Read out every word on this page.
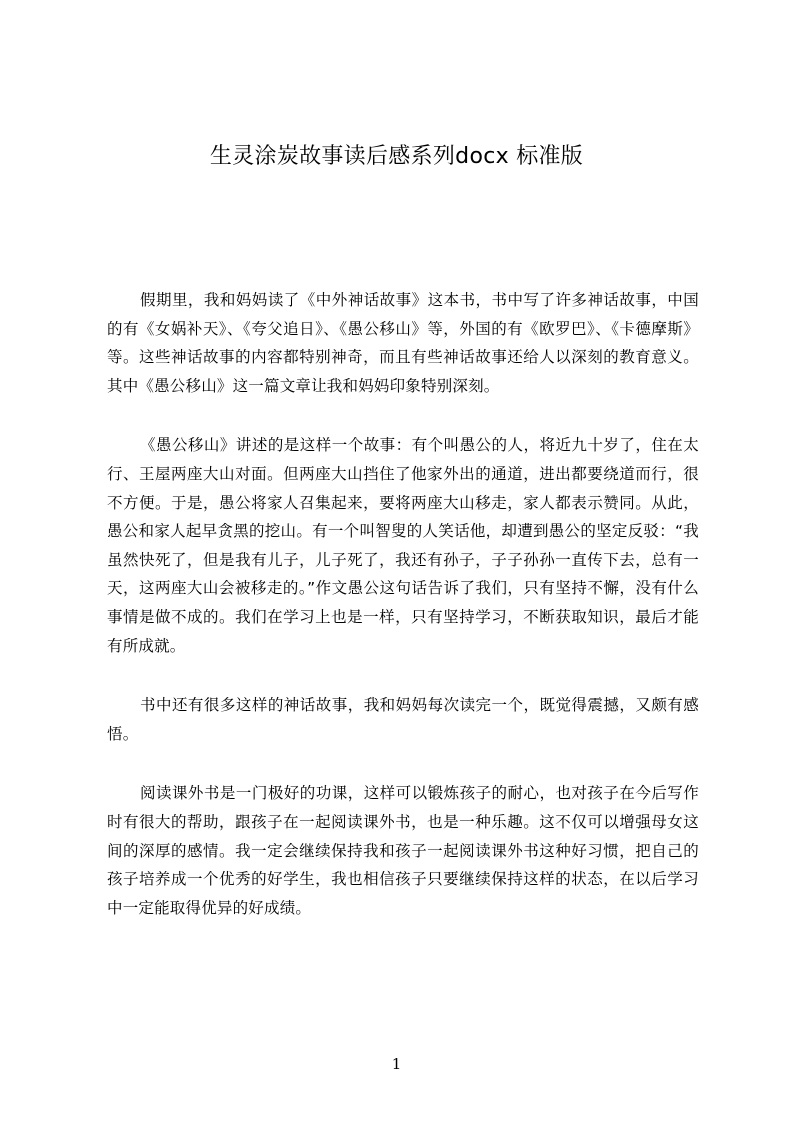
生灵涂炭故事读后感系列docx 标准版

假期里，我和妈妈读了《中外神话故事》这本书，书中写了许多神话故事，中国的有《女娲补天》、《夸父追日》、《愚公移山》等，外国的有《欧罗巴》、《卡德摩斯》等。这些神话故事的内容都特别神奇，而且有些神话故事还给人以深刻的教育意义。其中《愚公移山》这一篇文章让我和妈妈印象特别深刻。

《愚公移山》讲述的是这样一个故事：有个叫愚公的人，将近九十岁了，住在太行、王屋两座大山对面。但两座大山挡住了他家外出的通道，进出都要绕道而行，很不方便。于是，愚公将家人召集起来，要将两座大山移走，家人都表示赞同。从此，愚公和家人起早贪黑的挖山。有一个叫智叟的人笑话他，却遭到愚公的坚定反驳：“我虽然快死了，但是我有儿子，儿子死了，我还有孙子，子子孙孙一直传下去，总有一天，这两座大山会被移走的。”作文愚公这句话告诉了我们，只有坚持不懈，没有什么事情是做不成的。我们在学习上也是一样，只有坚持学习，不断获取知识，最后才能有所成就。

书中还有很多这样的神话故事，我和妈妈每次读完一个，既觉得震撼，又颇有感悟。

阅读课外书是一门极好的功课，这样可以锻炼孩子的耐心，也对孩子在今后写作时有很大的帮助，跟孩子在一起阅读课外书，也是一种乐趣。这不仅可以增强母女这间的深厚的感情。我一定会继续保持我和孩子一起阅读课外书这种好习惯，把自己的孩子培养成一个优秀的好学生，我也相信孩子只要继续保持这样的状态，在以后学习中一定能取得优异的好成绩。

1
